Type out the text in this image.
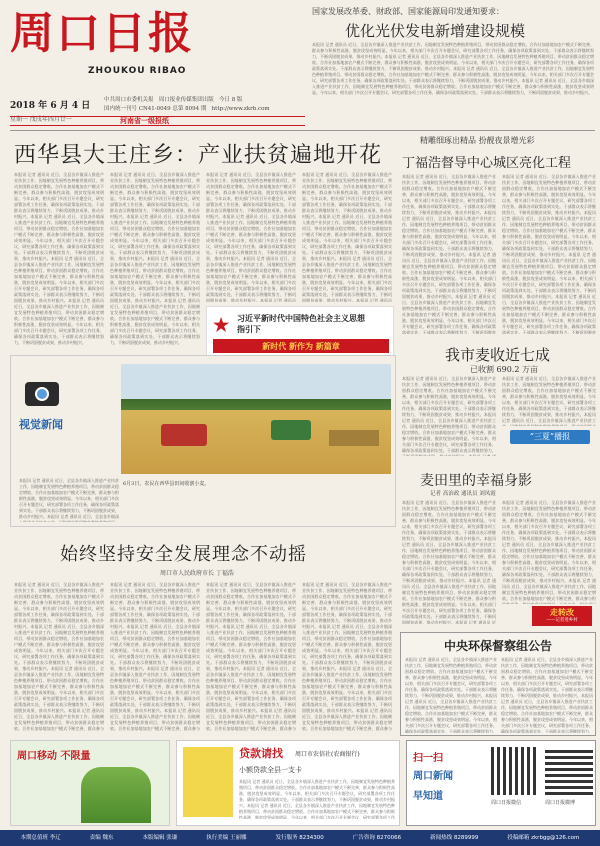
周口日报
ZHOUKOU RIBAO
2018 年 6 月 4 日
星期一 戊戌年四月廿一
中共周口市委机关报 周口报业传媒集团出版 今日 8 版
国内统一刊号 CN41-0049 总第 8094 期 http://www.zkrb.com
河南省一级报纸
国家发展改革委、财政部、国家能源局印发通知要求：
优化光伏发电新增建设规模
本报讯 记者 通讯员 近日，全县各乡镇深入推进产业扶贫工作，因地制宜发展特色种植养殖项目，带动贫困群众稳定增收。合作社加基地加农户模式不断完善，群众参与积极性高涨，脱贫攻坚成效明显。今年以来，相关部门多次召开专题会议，研究部署各项工作任务，确保各项政策落到实处。干部群众表示将继续努力，不断巩固脱贫成果，推动乡村振兴。本报讯 记者 通讯员 近日，全县各乡镇深入推进产业扶贫工作，因地制宜发展特色种植养殖项目，带动贫困群众稳定增收。合作社加基地加农户模式不断完善，群众参与积极性高涨，脱贫攻坚成效明显。今年以来，相关部门多次召开专题会议，研究部署各项工作任务，确保各项政策落到实处。干部群众表示将继续努力，不断巩固脱贫成果，推动乡村振兴。本报讯 记者 通讯员 近日，全县各乡镇深入推进产业扶贫工作，因地制宜发展特色种植养殖项目，带动贫困群众稳定增收。合作社加基地加农户模式不断完善，群众参与积极性高涨，脱贫攻坚成效明显。今年以来，相关部门多次召开专题会议，研究部署各项工作任务，确保各项政策落到实处。干部群众表示将继续努力，不断巩固脱贫成果，推动乡村振兴。本报讯 记者 通讯员 近日，全县各乡镇深入推进产业扶贫工作，因地制宜发展特色种植养殖项目，带动贫困群众稳定增收。合作社加基地加农户模式不断完善，群众参与积极性高涨，脱贫攻坚成效明显。今年以来，相关部门多次召开专题会议，研究部署各项工作任务，确保各项政策落到实处。干部群众表示将继续努力，不断巩固脱贫成果，推动乡村振兴。
西华县大王庄乡：产业扶贫遍地开花
本报讯 记者 通讯员 近日，全县各乡镇深入推进产业扶贫工作，因地制宜发展特色种植养殖项目，带动贫困群众稳定增收。合作社加基地加农户模式不断完善，群众参与积极性高涨，脱贫攻坚成效明显。今年以来，相关部门多次召开专题会议，研究部署各项工作任务，确保各项政策落到实处。干部群众表示将继续努力，不断巩固脱贫成果，推动乡村振兴。本报讯 记者 通讯员 近日，全县各乡镇深入推进产业扶贫工作，因地制宜发展特色种植养殖项目，带动贫困群众稳定增收。合作社加基地加农户模式不断完善，群众参与积极性高涨，脱贫攻坚成效明显。今年以来，相关部门多次召开专题会议，研究部署各项工作任务，确保各项政策落到实处。干部群众表示将继续努力，不断巩固脱贫成果，推动乡村振兴。本报讯 记者 通讯员 近日，全县各乡镇深入推进产业扶贫工作，因地制宜发展特色种植养殖项目，带动贫困群众稳定增收。合作社加基地加农户模式不断完善，群众参与积极性高涨，脱贫攻坚成效明显。今年以来，相关部门多次召开专题会议，研究部署各项工作任务，确保各项政策落到实处。干部群众表示将继续努力，不断巩固脱贫成果，推动乡村振兴。本报讯 记者 通讯员 近日，全县各乡镇深入推进产业扶贫工作，因地制宜发展特色种植养殖项目，带动贫困群众稳定增收。合作社加基地加农户模式不断完善，群众参与积极性高涨，脱贫攻坚成效明显。今年以来，相关部门多次召开专题会议，研究部署各项工作任务，确保各项政策落到实处。干部群众表示将继续努力，不断巩固脱贫成果，推动乡村振兴。
本报讯 记者 通讯员 近日，全县各乡镇深入推进产业扶贫工作，因地制宜发展特色种植养殖项目，带动贫困群众稳定增收。合作社加基地加农户模式不断完善，群众参与积极性高涨，脱贫攻坚成效明显。今年以来，相关部门多次召开专题会议，研究部署各项工作任务，确保各项政策落到实处。干部群众表示将继续努力，不断巩固脱贫成果，推动乡村振兴。本报讯 记者 通讯员 近日，全县各乡镇深入推进产业扶贫工作，因地制宜发展特色种植养殖项目，带动贫困群众稳定增收。合作社加基地加农户模式不断完善，群众参与积极性高涨，脱贫攻坚成效明显。今年以来，相关部门多次召开专题会议，研究部署各项工作任务，确保各项政策落到实处。干部群众表示将继续努力，不断巩固脱贫成果，推动乡村振兴。本报讯 记者 通讯员 近日，全县各乡镇深入推进产业扶贫工作，因地制宜发展特色种植养殖项目，带动贫困群众稳定增收。合作社加基地加农户模式不断完善，群众参与积极性高涨，脱贫攻坚成效明显。今年以来，相关部门多次召开专题会议，研究部署各项工作任务，确保各项政策落到实处。干部群众表示将继续努力，不断巩固脱贫成果，推动乡村振兴。本报讯 记者 通讯员 近日，全县各乡镇深入推进产业扶贫工作，因地制宜发展特色种植养殖项目，带动贫困群众稳定增收。合作社加基地加农户模式不断完善，群众参与积极性高涨，脱贫攻坚成效明显。今年以来，相关部门多次召开专题会议，研究部署各项工作任务，确保各项政策落到实处。干部群众表示将继续努力，不断巩固脱贫成果，推动乡村振兴。
本报讯 记者 通讯员 近日，全县各乡镇深入推进产业扶贫工作，因地制宜发展特色种植养殖项目，带动贫困群众稳定增收。合作社加基地加农户模式不断完善，群众参与积极性高涨，脱贫攻坚成效明显。今年以来，相关部门多次召开专题会议，研究部署各项工作任务，确保各项政策落到实处。干部群众表示将继续努力，不断巩固脱贫成果，推动乡村振兴。本报讯 记者 通讯员 近日，全县各乡镇深入推进产业扶贫工作，因地制宜发展特色种植养殖项目，带动贫困群众稳定增收。合作社加基地加农户模式不断完善，群众参与积极性高涨，脱贫攻坚成效明显。今年以来，相关部门多次召开专题会议，研究部署各项工作任务，确保各项政策落到实处。干部群众表示将继续努力，不断巩固脱贫成果，推动乡村振兴。本报讯 记者 通讯员 近日，全县各乡镇深入推进产业扶贫工作，因地制宜发展特色种植养殖项目，带动贫困群众稳定增收。合作社加基地加农户模式不断完善，群众参与积极性高涨，脱贫攻坚成效明显。今年以来，相关部门多次召开专题会议，研究部署各项工作任务，确保各项政策落到实处。干部群众表示将继续努力，不断巩固脱贫成果，推动乡村振兴。本报讯 记者 通讯员 近日，全县各乡镇深入推进产业扶贫工作，因地制宜发展特色种植养殖项目，带动贫困群众稳定增收。合作社加基地加农户模式不断完善，群众参与积极性高涨，脱贫攻坚成效明显。今年以来，相关部门多次召开专题会议，研究部署各项工作任务，确保各项政策落到实处。干部群众表示将继续努力，不断巩固脱贫成果，推动乡村振兴。
本报讯 记者 通讯员 近日，全县各乡镇深入推进产业扶贫工作，因地制宜发展特色种植养殖项目，带动贫困群众稳定增收。合作社加基地加农户模式不断完善，群众参与积极性高涨，脱贫攻坚成效明显。今年以来，相关部门多次召开专题会议，研究部署各项工作任务，确保各项政策落到实处。干部群众表示将继续努力，不断巩固脱贫成果，推动乡村振兴。本报讯 记者 通讯员 近日，全县各乡镇深入推进产业扶贫工作，因地制宜发展特色种植养殖项目，带动贫困群众稳定增收。合作社加基地加农户模式不断完善，群众参与积极性高涨，脱贫攻坚成效明显。今年以来，相关部门多次召开专题会议，研究部署各项工作任务，确保各项政策落到实处。干部群众表示将继续努力，不断巩固脱贫成果，推动乡村振兴。本报讯 记者 通讯员 近日，全县各乡镇深入推进产业扶贫工作，因地制宜发展特色种植养殖项目，带动贫困群众稳定增收。合作社加基地加农户模式不断完善，群众参与积极性高涨，脱贫攻坚成效明显。今年以来，相关部门多次召开专题会议，研究部署各项工作任务，确保各项政策落到实处。干部群众表示将继续努力，不断巩固脱贫成果，推动乡村振兴。本报讯 记者 通讯员 近日，全县各乡镇深入推进产业扶贫工作，因地制宜发展特色种植养殖项目，带动贫困群众稳定增收。合作社加基地加农户模式不断完善，群众参与积极性高涨，脱贫攻坚成效明显。今年以来，相关部门多次召开专题会议，研究部署各项工作任务，确保各项政策落到实处。干部群众表示将继续努力，不断巩固脱贫成果，推动乡村振兴。
★ 习近平新时代中国特色社会主义思想
指引下
新时代 新作为 新篇章
精雕细琢出精品 扮靓夜景增光彩
丁福浩督导中心城区亮化工程
本报讯 记者 通讯员 近日，全县各乡镇深入推进产业扶贫工作，因地制宜发展特色种植养殖项目，带动贫困群众稳定增收。合作社加基地加农户模式不断完善，群众参与积极性高涨，脱贫攻坚成效明显。今年以来，相关部门多次召开专题会议，研究部署各项工作任务，确保各项政策落到实处。干部群众表示将继续努力，不断巩固脱贫成果，推动乡村振兴。本报讯 记者 通讯员 近日，全县各乡镇深入推进产业扶贫工作，因地制宜发展特色种植养殖项目，带动贫困群众稳定增收。合作社加基地加农户模式不断完善，群众参与积极性高涨，脱贫攻坚成效明显。今年以来，相关部门多次召开专题会议，研究部署各项工作任务，确保各项政策落到实处。干部群众表示将继续努力，不断巩固脱贫成果，推动乡村振兴。本报讯 记者 通讯员 近日，全县各乡镇深入推进产业扶贫工作，因地制宜发展特色种植养殖项目，带动贫困群众稳定增收。合作社加基地加农户模式不断完善，群众参与积极性高涨，脱贫攻坚成效明显。今年以来，相关部门多次召开专题会议，研究部署各项工作任务，确保各项政策落到实处。干部群众表示将继续努力，不断巩固脱贫成果，推动乡村振兴。本报讯 记者 通讯员 近日，全县各乡镇深入推进产业扶贫工作，因地制宜发展特色种植养殖项目，带动贫困群众稳定增收。合作社加基地加农户模式不断完善，群众参与积极性高涨，脱贫攻坚成效明显。今年以来，相关部门多次召开专题会议，研究部署各项工作任务，确保各项政策落到实处。干部群众表示将继续努力，不断巩固脱贫成果，推动乡村振兴。
本报讯 记者 通讯员 近日，全县各乡镇深入推进产业扶贫工作，因地制宜发展特色种植养殖项目，带动贫困群众稳定增收。合作社加基地加农户模式不断完善，群众参与积极性高涨，脱贫攻坚成效明显。今年以来，相关部门多次召开专题会议，研究部署各项工作任务，确保各项政策落到实处。干部群众表示将继续努力，不断巩固脱贫成果，推动乡村振兴。本报讯 记者 通讯员 近日，全县各乡镇深入推进产业扶贫工作，因地制宜发展特色种植养殖项目，带动贫困群众稳定增收。合作社加基地加农户模式不断完善，群众参与积极性高涨，脱贫攻坚成效明显。今年以来，相关部门多次召开专题会议，研究部署各项工作任务，确保各项政策落到实处。干部群众表示将继续努力，不断巩固脱贫成果，推动乡村振兴。本报讯 记者 通讯员 近日，全县各乡镇深入推进产业扶贫工作，因地制宜发展特色种植养殖项目，带动贫困群众稳定增收。合作社加基地加农户模式不断完善，群众参与积极性高涨，脱贫攻坚成效明显。今年以来，相关部门多次召开专题会议，研究部署各项工作任务，确保各项政策落到实处。干部群众表示将继续努力，不断巩固脱贫成果，推动乡村振兴。本报讯 记者 通讯员 近日，全县各乡镇深入推进产业扶贫工作，因地制宜发展特色种植养殖项目，带动贫困群众稳定增收。合作社加基地加农户模式不断完善，群众参与积极性高涨，脱贫攻坚成效明显。今年以来，相关部门多次召开专题会议，研究部署各项工作任务，确保各项政策落到实处。干部群众表示将继续努力，不断巩固脱贫成果，推动乡村振兴。
视觉新闻
本报讯 记者 通讯员 近日，全县各乡镇深入推进产业扶贫工作，因地制宜发展特色种植养殖项目，带动贫困群众稳定增收。合作社加基地加农户模式不断完善，群众参与积极性高涨，脱贫攻坚成效明显。今年以来，相关部门多次召开专题会议，研究部署各项工作任务，确保各项政策落到实处。干部群众表示将继续努力，不断巩固脱贫成果，推动乡村振兴。本报讯 记者 通讯员 近日，全县各乡镇深入推进产业扶贫工作，因地制宜发展特色种植养殖项目，带动贫困群众稳定增收。合作社加基地加农户模式不断完善，群众参与积极性高涨，脱贫攻坚成效明显。今年以来，相关部门多次召开专题会议，研究部署各项工作任务，确保各项政策落到实处。干部群众表示将继续努力，不断巩固脱贫成果，推动乡村振兴。本报讯 记者 通讯员 近日，全县各乡镇深入推进产业扶贫工作，因地制宜发展特色种植养殖项目，带动贫困群众稳定增收。合作社加基地加农户模式不断完善，群众参与积极性高涨，脱贫攻坚成效明显。今年以来，相关部门多次召开专题会议，研究部署各项工作任务，确保各项政策落到实处。干部群众表示将继续努力，不断巩固脱贫成果，推动乡村振兴。本报讯 记者 通讯员 近日，全县各乡镇深入推进产业扶贫工作，因地制宜发展特色种植养殖项目，带动贫困群众稳定增收。合作社加基地加农户模式不断完善，群众参与积极性高涨，脱贫攻坚成效明显。今年以来，相关部门多次召开专题会议，研究部署各项工作任务，确保各项政策落到实处。干部群众表示将继续努力，不断巩固脱贫成果，推动乡村振兴。
6月3日，农民在西华县田间收割小麦。
我市麦收近七成
已收割 690.2 万亩
本报讯 记者 通讯员 近日，全县各乡镇深入推进产业扶贫工作，因地制宜发展特色种植养殖项目，带动贫困群众稳定增收。合作社加基地加农户模式不断完善，群众参与积极性高涨，脱贫攻坚成效明显。今年以来，相关部门多次召开专题会议，研究部署各项工作任务，确保各项政策落到实处。干部群众表示将继续努力，不断巩固脱贫成果，推动乡村振兴。本报讯 记者 通讯员 近日，全县各乡镇深入推进产业扶贫工作，因地制宜发展特色种植养殖项目，带动贫困群众稳定增收。合作社加基地加农户模式不断完善，群众参与积极性高涨，脱贫攻坚成效明显。今年以来，相关部门多次召开专题会议，研究部署各项工作任务，确保各项政策落到实处。干部群众表示将继续努力，不断巩固脱贫成果，推动乡村振兴。本报讯 记者 通讯员 近日，全县各乡镇深入推进产业扶贫工作，因地制宜发展特色种植养殖项目，带动贫困群众稳定增收。合作社加基地加农户模式不断完善，群众参与积极性高涨，脱贫攻坚成效明显。今年以来，相关部门多次召开专题会议，研究部署各项工作任务，确保各项政策落到实处。干部群众表示将继续努力，不断巩固脱贫成果，推动乡村振兴。本报讯 记者 通讯员 近日，全县各乡镇深入推进产业扶贫工作，因地制宜发展特色种植养殖项目，带动贫困群众稳定增收。合作社加基地加农户模式不断完善，群众参与积极性高涨，脱贫攻坚成效明显。今年以来，相关部门多次召开专题会议，研究部署各项工作任务，确保各项政策落到实处。干部群众表示将继续努力，不断巩固脱贫成果，推动乡村振兴。
本报讯 记者 通讯员 近日，全县各乡镇深入推进产业扶贫工作，因地制宜发展特色种植养殖项目，带动贫困群众稳定增收。合作社加基地加农户模式不断完善，群众参与积极性高涨，脱贫攻坚成效明显。今年以来，相关部门多次召开专题会议，研究部署各项工作任务，确保各项政策落到实处。干部群众表示将继续努力，不断巩固脱贫成果，推动乡村振兴。本报讯 记者 通讯员 近日，全县各乡镇深入推进产业扶贫工作，因地制宜发展特色种植养殖项目，带动贫困群众稳定增收。合作社加基地加农户模式不断完善，群众参与积极性高涨，脱贫攻坚成效明显。今年以来，相关部门多次召开专题会议，研究部署各项工作任务，确保各项政策落到实处。干部群众表示将继续努力，不断巩固脱贫成果，推动乡村振兴。本报讯 记者 通讯员 近日，全县各乡镇深入推进产业扶贫工作，因地制宜发展特色种植养殖项目，带动贫困群众稳定增收。合作社加基地加农户模式不断完善，群众参与积极性高涨，脱贫攻坚成效明显。今年以来，相关部门多次召开专题会议，研究部署各项工作任务，确保各项政策落到实处。干部群众表示将继续努力，不断巩固脱贫成果，推动乡村振兴。本报讯 记者 通讯员 近日，全县各乡镇深入推进产业扶贫工作，因地制宜发展特色种植养殖项目，带动贫困群众稳定增收。合作社加基地加农户模式不断完善，群众参与积极性高涨，脱贫攻坚成效明显。今年以来，相关部门多次召开专题会议，研究部署各项工作任务，确保各项政策落到实处。干部群众表示将继续努力，不断巩固脱贫成果，推动乡村振兴。
“三夏”播报
麦田里的幸福身影
记者 高治政 通讯员 刘凤霞
本报讯 记者 通讯员 近日，全县各乡镇深入推进产业扶贫工作，因地制宜发展特色种植养殖项目，带动贫困群众稳定增收。合作社加基地加农户模式不断完善，群众参与积极性高涨，脱贫攻坚成效明显。今年以来，相关部门多次召开专题会议，研究部署各项工作任务，确保各项政策落到实处。干部群众表示将继续努力，不断巩固脱贫成果，推动乡村振兴。本报讯 记者 通讯员 近日，全县各乡镇深入推进产业扶贫工作，因地制宜发展特色种植养殖项目，带动贫困群众稳定增收。合作社加基地加农户模式不断完善，群众参与积极性高涨，脱贫攻坚成效明显。今年以来，相关部门多次召开专题会议，研究部署各项工作任务，确保各项政策落到实处。干部群众表示将继续努力，不断巩固脱贫成果，推动乡村振兴。本报讯 记者 通讯员 近日，全县各乡镇深入推进产业扶贫工作，因地制宜发展特色种植养殖项目，带动贫困群众稳定增收。合作社加基地加农户模式不断完善，群众参与积极性高涨，脱贫攻坚成效明显。今年以来，相关部门多次召开专题会议，研究部署各项工作任务，确保各项政策落到实处。干部群众表示将继续努力，不断巩固脱贫成果，推动乡村振兴。本报讯 记者 通讯员 近日，全县各乡镇深入推进产业扶贫工作，因地制宜发展特色种植养殖项目，带动贫困群众稳定增收。合作社加基地加农户模式不断完善，群众参与积极性高涨，脱贫攻坚成效明显。今年以来，相关部门多次召开专题会议，研究部署各项工作任务，确保各项政策落到实处。干部群众表示将继续努力，不断巩固脱贫成果，推动乡村振兴。
本报讯 记者 通讯员 近日，全县各乡镇深入推进产业扶贫工作，因地制宜发展特色种植养殖项目，带动贫困群众稳定增收。合作社加基地加农户模式不断完善，群众参与积极性高涨，脱贫攻坚成效明显。今年以来，相关部门多次召开专题会议，研究部署各项工作任务，确保各项政策落到实处。干部群众表示将继续努力，不断巩固脱贫成果，推动乡村振兴。本报讯 记者 通讯员 近日，全县各乡镇深入推进产业扶贫工作，因地制宜发展特色种植养殖项目，带动贫困群众稳定增收。合作社加基地加农户模式不断完善，群众参与积极性高涨，脱贫攻坚成效明显。今年以来，相关部门多次召开专题会议，研究部署各项工作任务，确保各项政策落到实处。干部群众表示将继续努力，不断巩固脱贫成果，推动乡村振兴。本报讯 记者 通讯员 近日，全县各乡镇深入推进产业扶贫工作，因地制宜发展特色种植养殖项目，带动贫困群众稳定增收。合作社加基地加农户模式不断完善，群众参与积极性高涨，脱贫攻坚成效明显。今年以来，相关部门多次召开专题会议，研究部署各项工作任务，确保各项政策落到实处。干部群众表示将继续努力，不断巩固脱贫成果，推动乡村振兴。本报讯 记者 通讯员 近日，全县各乡镇深入推进产业扶贫工作，因地制宜发展特色种植养殖项目，带动贫困群众稳定增收。合作社加基地加农户模式不断完善，群众参与积极性高涨，脱贫攻坚成效明显。今年以来，相关部门多次召开专题会议，研究部署各项工作任务，确保各项政策落到实处。干部群众表示将继续努力，不断巩固脱贫成果，推动乡村振兴。
走转改
——记者进乡村
始终坚持安全发展理念不动摇
周口市人民政府市长 丁福浩
本报讯 记者 通讯员 近日，全县各乡镇深入推进产业扶贫工作，因地制宜发展特色种植养殖项目，带动贫困群众稳定增收。合作社加基地加农户模式不断完善，群众参与积极性高涨，脱贫攻坚成效明显。今年以来，相关部门多次召开专题会议，研究部署各项工作任务，确保各项政策落到实处。干部群众表示将继续努力，不断巩固脱贫成果，推动乡村振兴。本报讯 记者 通讯员 近日，全县各乡镇深入推进产业扶贫工作，因地制宜发展特色种植养殖项目，带动贫困群众稳定增收。合作社加基地加农户模式不断完善，群众参与积极性高涨，脱贫攻坚成效明显。今年以来，相关部门多次召开专题会议，研究部署各项工作任务，确保各项政策落到实处。干部群众表示将继续努力，不断巩固脱贫成果，推动乡村振兴。本报讯 记者 通讯员 近日，全县各乡镇深入推进产业扶贫工作，因地制宜发展特色种植养殖项目，带动贫困群众稳定增收。合作社加基地加农户模式不断完善，群众参与积极性高涨，脱贫攻坚成效明显。今年以来，相关部门多次召开专题会议，研究部署各项工作任务，确保各项政策落到实处。干部群众表示将继续努力，不断巩固脱贫成果，推动乡村振兴。本报讯 记者 通讯员 近日，全县各乡镇深入推进产业扶贫工作，因地制宜发展特色种植养殖项目，带动贫困群众稳定增收。合作社加基地加农户模式不断完善，群众参与积极性高涨，脱贫攻坚成效明显。今年以来，相关部门多次召开专题会议，研究部署各项工作任务，确保各项政策落到实处。干部群众表示将继续努力，不断巩固脱贫成果，推动乡村振兴。
本报讯 记者 通讯员 近日，全县各乡镇深入推进产业扶贫工作，因地制宜发展特色种植养殖项目，带动贫困群众稳定增收。合作社加基地加农户模式不断完善，群众参与积极性高涨，脱贫攻坚成效明显。今年以来，相关部门多次召开专题会议，研究部署各项工作任务，确保各项政策落到实处。干部群众表示将继续努力，不断巩固脱贫成果，推动乡村振兴。本报讯 记者 通讯员 近日，全县各乡镇深入推进产业扶贫工作，因地制宜发展特色种植养殖项目，带动贫困群众稳定增收。合作社加基地加农户模式不断完善，群众参与积极性高涨，脱贫攻坚成效明显。今年以来，相关部门多次召开专题会议，研究部署各项工作任务，确保各项政策落到实处。干部群众表示将继续努力，不断巩固脱贫成果，推动乡村振兴。本报讯 记者 通讯员 近日，全县各乡镇深入推进产业扶贫工作，因地制宜发展特色种植养殖项目，带动贫困群众稳定增收。合作社加基地加农户模式不断完善，群众参与积极性高涨，脱贫攻坚成效明显。今年以来，相关部门多次召开专题会议，研究部署各项工作任务，确保各项政策落到实处。干部群众表示将继续努力，不断巩固脱贫成果，推动乡村振兴。本报讯 记者 通讯员 近日，全县各乡镇深入推进产业扶贫工作，因地制宜发展特色种植养殖项目，带动贫困群众稳定增收。合作社加基地加农户模式不断完善，群众参与积极性高涨，脱贫攻坚成效明显。今年以来，相关部门多次召开专题会议，研究部署各项工作任务，确保各项政策落到实处。干部群众表示将继续努力，不断巩固脱贫成果，推动乡村振兴。
本报讯 记者 通讯员 近日，全县各乡镇深入推进产业扶贫工作，因地制宜发展特色种植养殖项目，带动贫困群众稳定增收。合作社加基地加农户模式不断完善，群众参与积极性高涨，脱贫攻坚成效明显。今年以来，相关部门多次召开专题会议，研究部署各项工作任务，确保各项政策落到实处。干部群众表示将继续努力，不断巩固脱贫成果，推动乡村振兴。本报讯 记者 通讯员 近日，全县各乡镇深入推进产业扶贫工作，因地制宜发展特色种植养殖项目，带动贫困群众稳定增收。合作社加基地加农户模式不断完善，群众参与积极性高涨，脱贫攻坚成效明显。今年以来，相关部门多次召开专题会议，研究部署各项工作任务，确保各项政策落到实处。干部群众表示将继续努力，不断巩固脱贫成果，推动乡村振兴。本报讯 记者 通讯员 近日，全县各乡镇深入推进产业扶贫工作，因地制宜发展特色种植养殖项目，带动贫困群众稳定增收。合作社加基地加农户模式不断完善，群众参与积极性高涨，脱贫攻坚成效明显。今年以来，相关部门多次召开专题会议，研究部署各项工作任务，确保各项政策落到实处。干部群众表示将继续努力，不断巩固脱贫成果，推动乡村振兴。本报讯 记者 通讯员 近日，全县各乡镇深入推进产业扶贫工作，因地制宜发展特色种植养殖项目，带动贫困群众稳定增收。合作社加基地加农户模式不断完善，群众参与积极性高涨，脱贫攻坚成效明显。今年以来，相关部门多次召开专题会议，研究部署各项工作任务，确保各项政策落到实处。干部群众表示将继续努力，不断巩固脱贫成果，推动乡村振兴。
本报讯 记者 通讯员 近日，全县各乡镇深入推进产业扶贫工作，因地制宜发展特色种植养殖项目，带动贫困群众稳定增收。合作社加基地加农户模式不断完善，群众参与积极性高涨，脱贫攻坚成效明显。今年以来，相关部门多次召开专题会议，研究部署各项工作任务，确保各项政策落到实处。干部群众表示将继续努力，不断巩固脱贫成果，推动乡村振兴。本报讯 记者 通讯员 近日，全县各乡镇深入推进产业扶贫工作，因地制宜发展特色种植养殖项目，带动贫困群众稳定增收。合作社加基地加农户模式不断完善，群众参与积极性高涨，脱贫攻坚成效明显。今年以来，相关部门多次召开专题会议，研究部署各项工作任务，确保各项政策落到实处。干部群众表示将继续努力，不断巩固脱贫成果，推动乡村振兴。本报讯 记者 通讯员 近日，全县各乡镇深入推进产业扶贫工作，因地制宜发展特色种植养殖项目，带动贫困群众稳定增收。合作社加基地加农户模式不断完善，群众参与积极性高涨，脱贫攻坚成效明显。今年以来，相关部门多次召开专题会议，研究部署各项工作任务，确保各项政策落到实处。干部群众表示将继续努力，不断巩固脱贫成果，推动乡村振兴。本报讯 记者 通讯员 近日，全县各乡镇深入推进产业扶贫工作，因地制宜发展特色种植养殖项目，带动贫困群众稳定增收。合作社加基地加农户模式不断完善，群众参与积极性高涨，脱贫攻坚成效明显。今年以来，相关部门多次召开专题会议，研究部署各项工作任务，确保各项政策落到实处。干部群众表示将继续努力，不断巩固脱贫成果，推动乡村振兴。
中央环保督察组公告
本报讯 记者 通讯员 近日，全县各乡镇深入推进产业扶贫工作，因地制宜发展特色种植养殖项目，带动贫困群众稳定增收。合作社加基地加农户模式不断完善，群众参与积极性高涨，脱贫攻坚成效明显。今年以来，相关部门多次召开专题会议，研究部署各项工作任务，确保各项政策落到实处。干部群众表示将继续努力，不断巩固脱贫成果，推动乡村振兴。本报讯 记者 通讯员 近日，全县各乡镇深入推进产业扶贫工作，因地制宜发展特色种植养殖项目，带动贫困群众稳定增收。合作社加基地加农户模式不断完善，群众参与积极性高涨，脱贫攻坚成效明显。今年以来，相关部门多次召开专题会议，研究部署各项工作任务，确保各项政策落到实处。干部群众表示将继续努力，不断巩固脱贫成果，推动乡村振兴。本报讯 记者 通讯员 近日，全县各乡镇深入推进产业扶贫工作，因地制宜发展特色种植养殖项目，带动贫困群众稳定增收。合作社加基地加农户模式不断完善，群众参与积极性高涨，脱贫攻坚成效明显。今年以来，相关部门多次召开专题会议，研究部署各项工作任务，确保各项政策落到实处。干部群众表示将继续努力，不断巩固脱贫成果，推动乡村振兴。本报讯 记者 通讯员 近日，全县各乡镇深入推进产业扶贫工作，因地制宜发展特色种植养殖项目，带动贫困群众稳定增收。合作社加基地加农户模式不断完善，群众参与积极性高涨，脱贫攻坚成效明显。今年以来，相关部门多次召开专题会议，研究部署各项工作任务，确保各项政策落到实处。干部群众表示将继续努力，不断巩固脱贫成果，推动乡村振兴。
本报讯 记者 通讯员 近日，全县各乡镇深入推进产业扶贫工作，因地制宜发展特色种植养殖项目，带动贫困群众稳定增收。合作社加基地加农户模式不断完善，群众参与积极性高涨，脱贫攻坚成效明显。今年以来，相关部门多次召开专题会议，研究部署各项工作任务，确保各项政策落到实处。干部群众表示将继续努力，不断巩固脱贫成果，推动乡村振兴。本报讯 记者 通讯员 近日，全县各乡镇深入推进产业扶贫工作，因地制宜发展特色种植养殖项目，带动贫困群众稳定增收。合作社加基地加农户模式不断完善，群众参与积极性高涨，脱贫攻坚成效明显。今年以来，相关部门多次召开专题会议，研究部署各项工作任务，确保各项政策落到实处。干部群众表示将继续努力，不断巩固脱贫成果，推动乡村振兴。本报讯 记者 通讯员 近日，全县各乡镇深入推进产业扶贫工作，因地制宜发展特色种植养殖项目，带动贫困群众稳定增收。合作社加基地加农户模式不断完善，群众参与积极性高涨，脱贫攻坚成效明显。今年以来，相关部门多次召开专题会议，研究部署各项工作任务，确保各项政策落到实处。干部群众表示将继续努力，不断巩固脱贫成果，推动乡村振兴。本报讯 记者 通讯员 近日，全县各乡镇深入推进产业扶贫工作，因地制宜发展特色种植养殖项目，带动贫困群众稳定增收。合作社加基地加农户模式不断完善，群众参与积极性高涨，脱贫攻坚成效明显。今年以来，相关部门多次召开专题会议，研究部署各项工作任务，确保各项政策落到实处。干部群众表示将继续努力，不断巩固脱贫成果，推动乡村振兴。
周口移动 不限量	贷款请找 周口市农信社(农商银行)
小额贷款全县一支卡
本报讯 记者 通讯员 近日，全县各乡镇深入推进产业扶贫工作，因地制宜发展特色种植养殖项目，带动贫困群众稳定增收。合作社加基地加农户模式不断完善，群众参与积极性高涨，脱贫攻坚成效明显。今年以来，相关部门多次召开专题会议，研究部署各项工作任务，确保各项政策落到实处。干部群众表示将继续努力，不断巩固脱贫成果，推动乡村振兴。本报讯 记者 通讯员 近日，全县各乡镇深入推进产业扶贫工作，因地制宜发展特色种植养殖项目，带动贫困群众稳定增收。合作社加基地加农户模式不断完善，群众参与积极性高涨，脱贫攻坚成效明显。今年以来，相关部门多次召开专题会议，研究部署各项工作任务，确保各项政策落到实处。干部群众表示将继续努力，不断巩固脱贫成果，推动乡村振兴。本报讯 记者 通讯员 近日，全县各乡镇深入推进产业扶贫工作，因地制宜发展特色种植养殖项目，带动贫困群众稳定增收。合作社加基地加农户模式不断完善，群众参与积极性高涨，脱贫攻坚成效明显。今年以来，相关部门多次召开专题会议，研究部署各项工作任务，确保各项政策落到实处。干部群众表示将继续努力，不断巩固脱贫成果，推动乡村振兴。本报讯 记者 通讯员 近日，全县各乡镇深入推进产业扶贫工作，因地制宜发展特色种植养殖项目，带动贫困群众稳定增收。合作社加基地加农户模式不断完善，群众参与积极性高涨，脱贫攻坚成效明显。今年以来，相关部门多次召开专题会议，研究部署各项工作任务，确保各项政策落到实处。干部群众表示将继续努力，不断巩固脱贫成果，推动乡村振兴。
扫一扫
周口新闻
早知道
周口日报微信	周口日报微博
本期总值班 李辽	责编 魏东	本版编辑 张谦	执行美编 王丽娜	发行服务 8234300	广告咨询 8270066	新闻热线 8289999	投稿邮箱 zkrbgg@126.com
